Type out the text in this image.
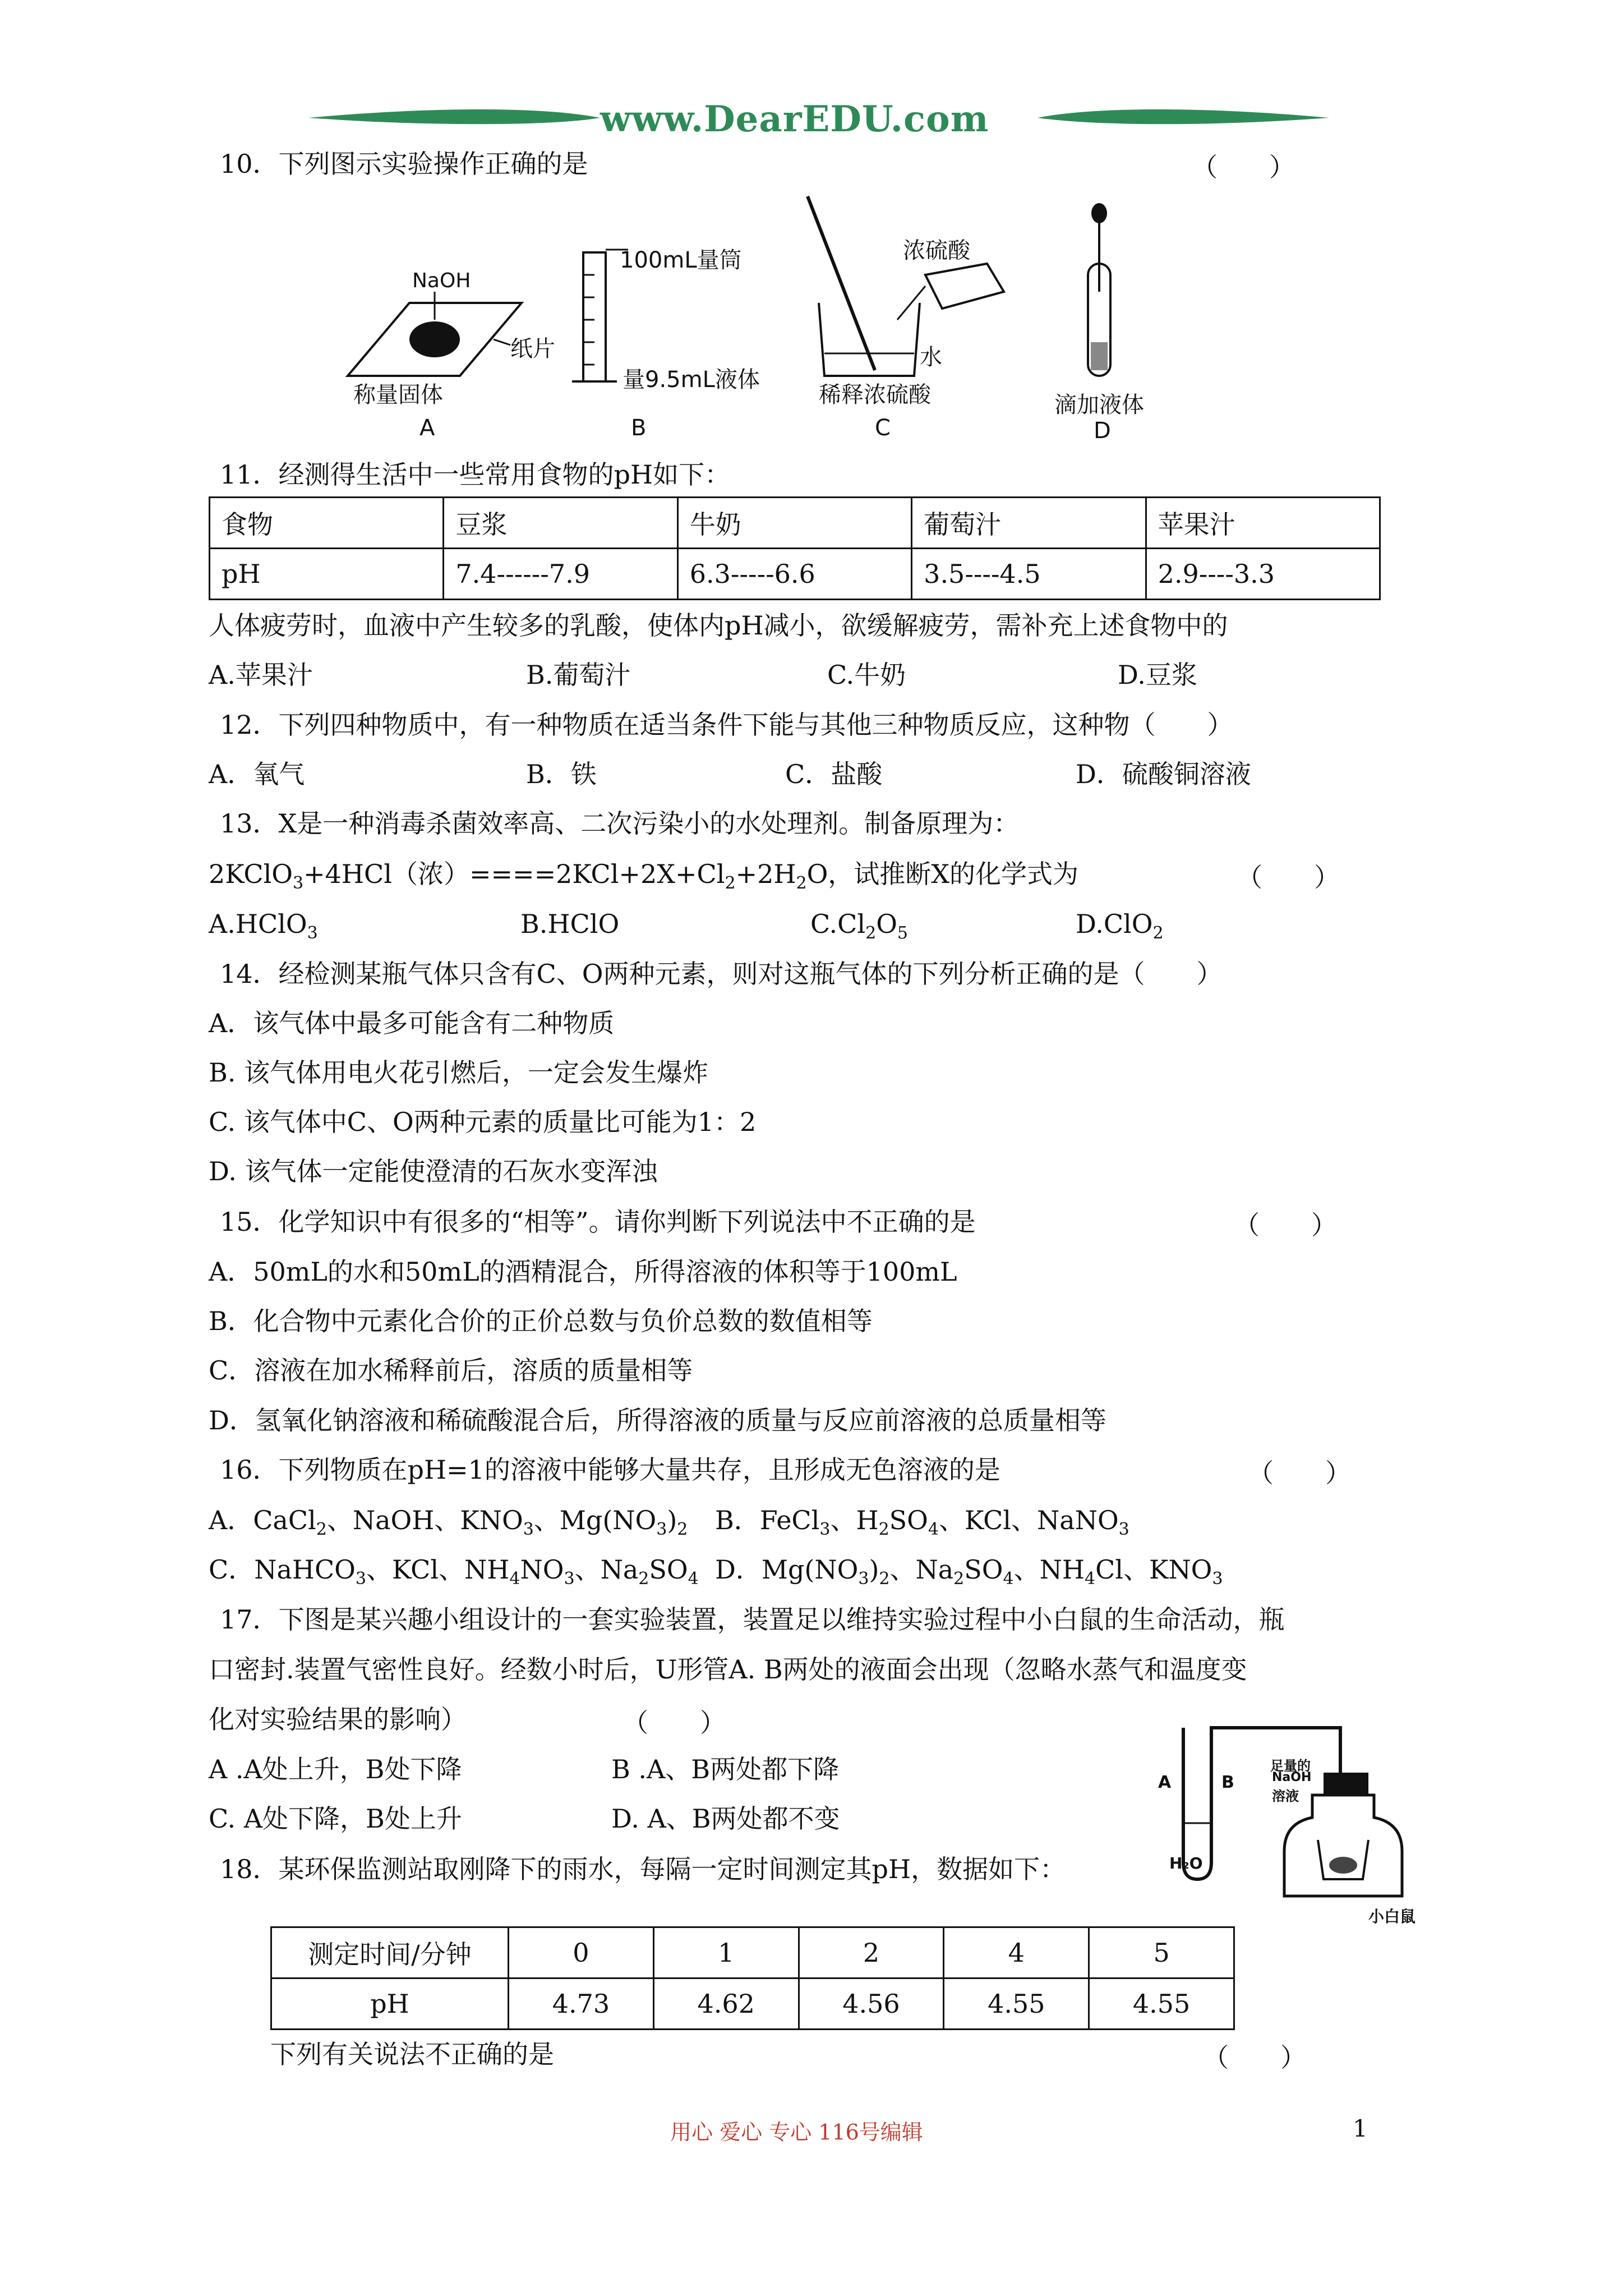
www.DearEDU.com
10．下列图示实验操作正确的是	（　　）
NaOH
纸片
称量固体
A
100mL量筒
量9.5mL液体
B
浓硫酸
水
稀释浓硫酸
C
滴加液体
D
11．经测得生活中一些常用食物的pH如下：
食物	豆浆	牛奶	葡萄汁	苹果汁
pH	7.4------7.9	6.3-----6.6	3.5----4.5	2.9----3.3
人体疲劳时，血液中产生较多的乳酸，使体内pH减小，欲缓解疲劳，需补充上述食物中的
A.苹果汁	B.葡萄汁	C.牛奶	D.豆浆
12．下列四种物质中，有一种物质在适当条件下能与其他三种物质反应，这种物（　　）
A．氧气	B．铁	C．盐酸	D．硫酸铜溶液
13．X是一种消毒杀菌效率高、二次污染小的水处理剂。制备原理为：
2KClO$_3$+4HCl（浓）$====2KCl+2X+Cl_2+2H_2O$，试推断X的化学式为	（　　）
A.HClO$_3$	B.HClO	$C.Cl_2O_5$	D.ClO$_2$
14．经检测某瓶气体只含有C、O两种元素，则对这瓶气体的下列分析正确的是（　　）
A．该气体中最多可能含有二种物质
B. 该气体用电火花引燃后，一定会发生爆炸
C. 该气体中C、O两种元素的质量比可能为1：2
D. 该气体一定能使澄清的石灰水变浑浊
15．化学知识中有很多的“相等”。请你判断下列说法中不正确的是	（　　）
A．50mL的水和50mL的酒精混合，所得溶液的体积等于100mL
B．化合物中元素化合价的正价总数与负价总数的数值相等
C．溶液在加水稀释前后，溶质的质量相等
D．氢氧化钠溶液和稀硫酸混合后，所得溶液的质量与反应前溶液的总质量相等
16．下列物质在pH=1的溶液中能够大量共存，且形成无色溶液的是	（　　）
A．CaCl$_2$、NaOH、$KNO_3$、$Mg(NO_3)_2$ B．FeCl$_3$、$H_2SO_4$、KCl、NaNO$_3$
C．NaHCO$_3$、KCl、$NH_4NO_3$、$Na_2SO_4$ D．$Mg(NO_3)_2$、$Na_2SO_4$、$NH_4Cl$、$KNO_3$
17．下图是某兴趣小组设计的一套实验装置，装置足以维持实验过程中小白鼠的生命活动，瓶
口密封.装置气密性良好。经数小时后，U形管A. B两处的液面会出现（忽略水蒸气和温度变
化对实验结果的影响）	（　　）
A .A处上升，B处下降	B .A、B两处都下降
C. A处下降，B处上升	D. A、B两处都不变
A	B
H₂O
足量的
NaOH
溶液
小白鼠
18．某环保监测站取刚降下的雨水，每隔一定时间测定其pH，数据如下：
测定时间/分钟	0	1	2	4	5
pH	4.73	4.62	4.56	4.55	4.55
下列有关说法不正确的是	（　　）
用心 爱心 专心 116号编辑	1
